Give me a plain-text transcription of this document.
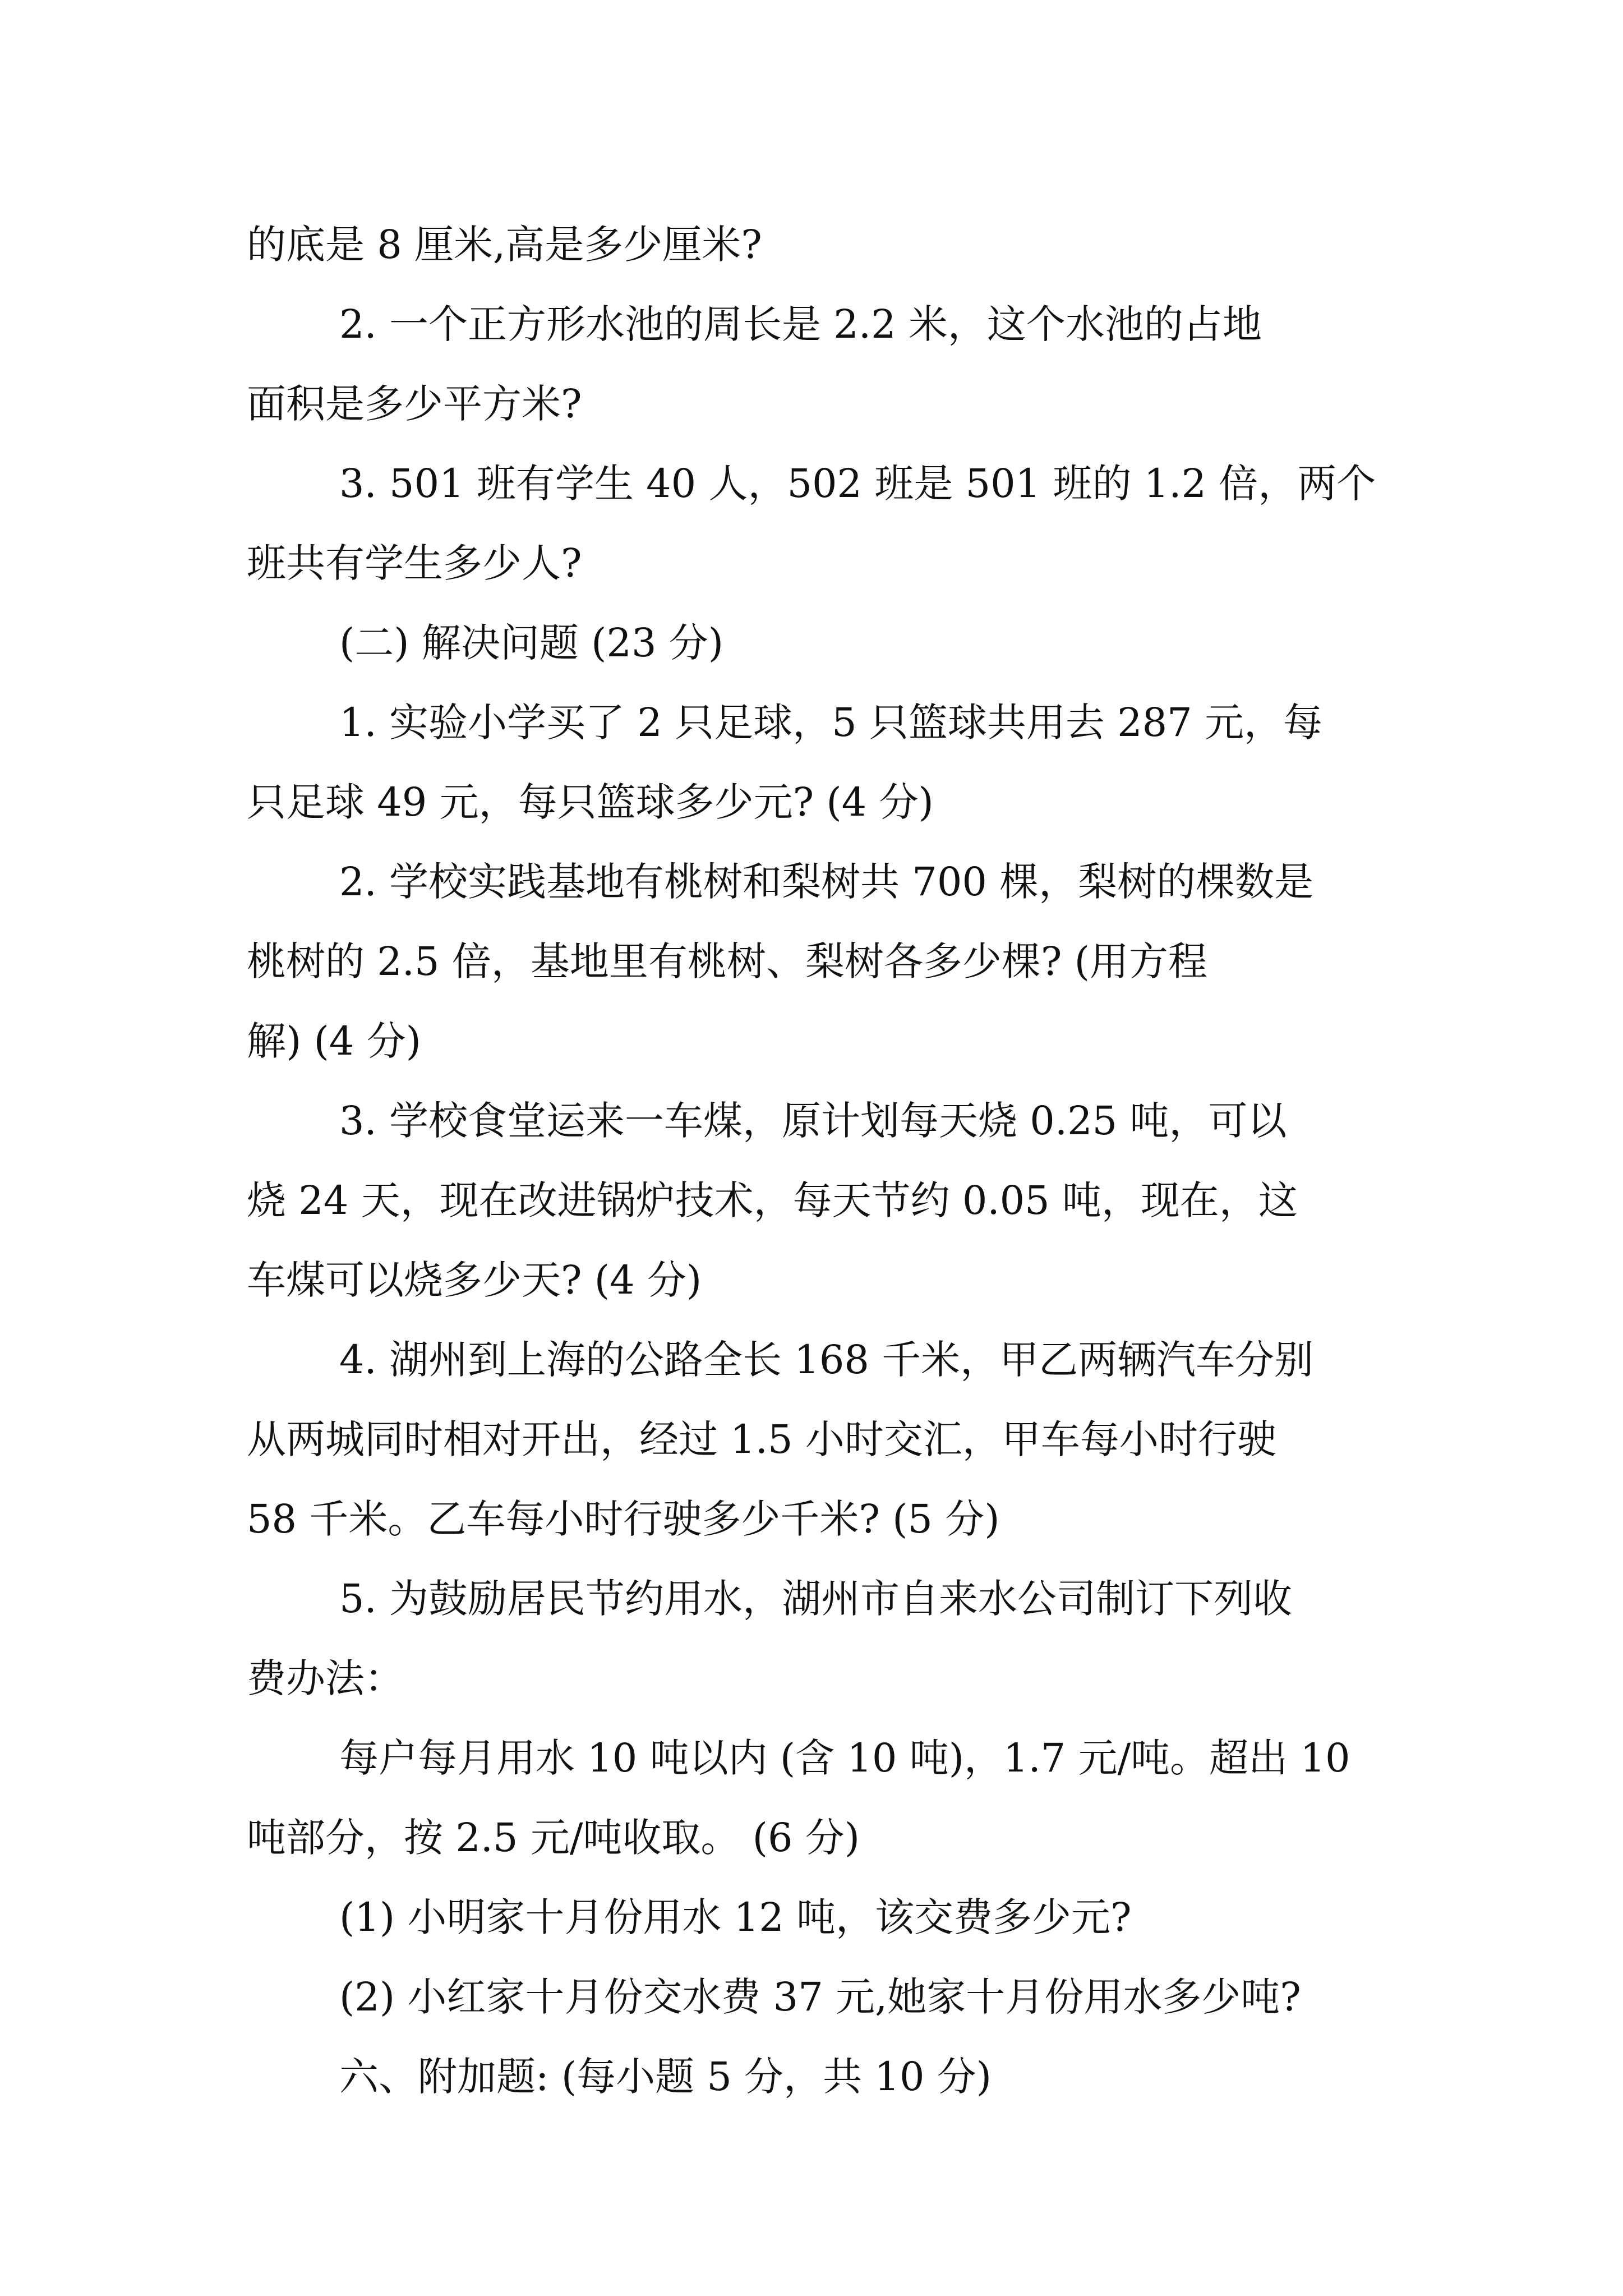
的底是 8 厘米,高是多少厘米?
2. 一个正方形水池的周长是 2.2 米，这个水池的占地
面积是多少平方米?
3. 501 班有学生 40 人，502 班是 501 班的 1.2 倍，两个
班共有学生多少人?
(二) 解决问题 (23 分)
1. 实验小学买了 2 只足球，5 只篮球共用去 287 元，每
只足球 49 元，每只篮球多少元? (4 分)
2. 学校实践基地有桃树和梨树共 700 棵，梨树的棵数是
桃树的 2.5 倍，基地里有桃树、梨树各多少棵? (用方程
解) (4 分)
3. 学校食堂运来一车煤，原计划每天烧 0.25 吨，可以
烧 24 天，现在改进锅炉技术，每天节约 0.05 吨，现在，这
车煤可以烧多少天? (4 分)
4. 湖州到上海的公路全长 168 千米，甲乙两辆汽车分别
从两城同时相对开出，经过 1.5 小时交汇，甲车每小时行驶
58 千米。乙车每小时行驶多少千米? (5 分)
5. 为鼓励居民节约用水，湖州市自来水公司制订下列收
费办法：
每户每月用水 10 吨以内 (含 10 吨)，1.7 元/吨。超出 10
吨部分，按 2.5 元/吨收取。 (6 分)
(1) 小明家十月份用水 12 吨，该交费多少元?
(2) 小红家十月份交水费 37 元,她家十月份用水多少吨?
六、附加题: (每小题 5 分，共 10 分)
